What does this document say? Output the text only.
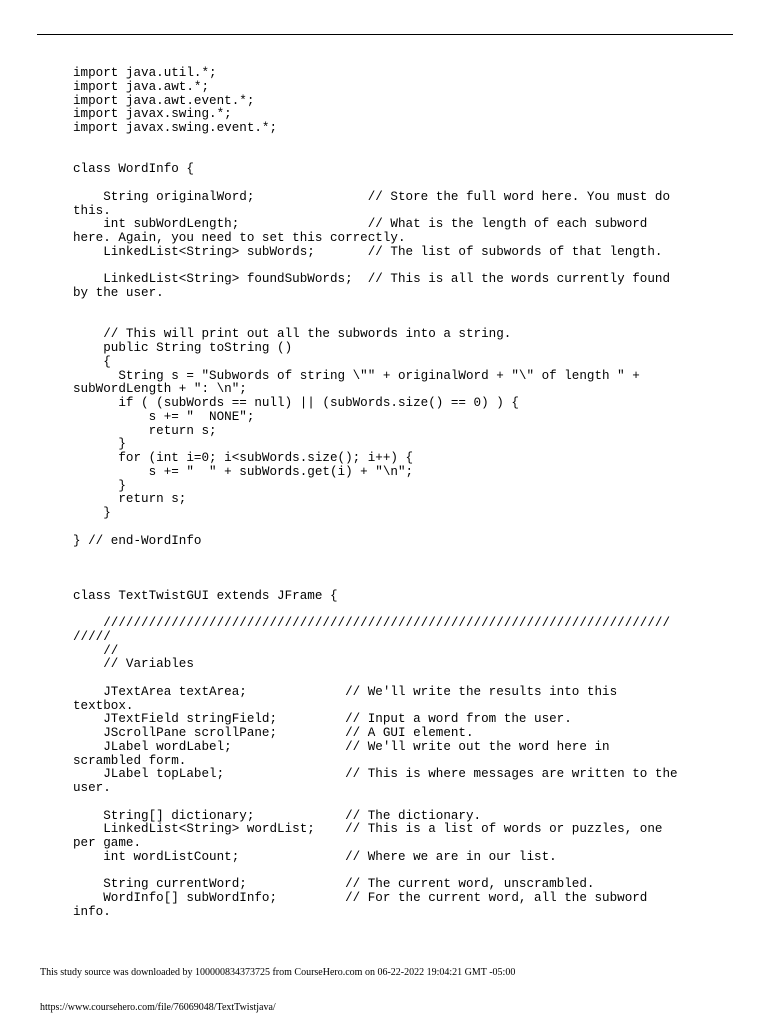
import java.util.*;
import java.awt.*;
import java.awt.event.*;
import javax.swing.*;
import javax.swing.event.*;
class WordInfo {
String originalWord;               // Store the full word here. You must do
this.
int subWordLength;                 // What is the length of each subword
here. Again, you need to set this correctly.
LinkedList<String> subWords;       // The list of subwords of that length.
LinkedList<String> foundSubWords;  // This is all the words currently found
by the user.
// This will print out all the subwords into a string.
public String toString ()
{
String s = "Subwords of string \"" + originalWord + "\" of length " +
subWordLength + ": \n";
if ( (subWords == null) || (subWords.size() == 0) ) {
s += "  NONE";
return s;
}
for (int i=0; i<subWords.size(); i++) {
s += "  " + subWords.get(i) + "\n";
}
return s;
}
} // end-WordInfo
class TextTwistGUI extends JFrame {
///////////////////////////////////////////////////////////////////////////
/////
//
// Variables
JTextArea textArea;             // We'll write the results into this
textbox.
JTextField stringField;         // Input a word from the user.
JScrollPane scrollPane;         // A GUI element.
JLabel wordLabel;               // We'll write out the word here in
scrambled form.
JLabel topLabel;                // This is where messages are written to the
user.
String[] dictionary;            // The dictionary.
LinkedList<String> wordList;    // This is a list of words or puzzles, one
per game.
int wordListCount;              // Where we are in our list.
String currentWord;             // The current word, unscrambled.
WordInfo[] subWordInfo;         // For the current word, all the subword
info.
This study source was downloaded by 100000834373725 from CourseHero.com on 06-22-2022 19:04:21 GMT -05:00
https://www.coursehero.com/file/76069048/TextTwistjava/
